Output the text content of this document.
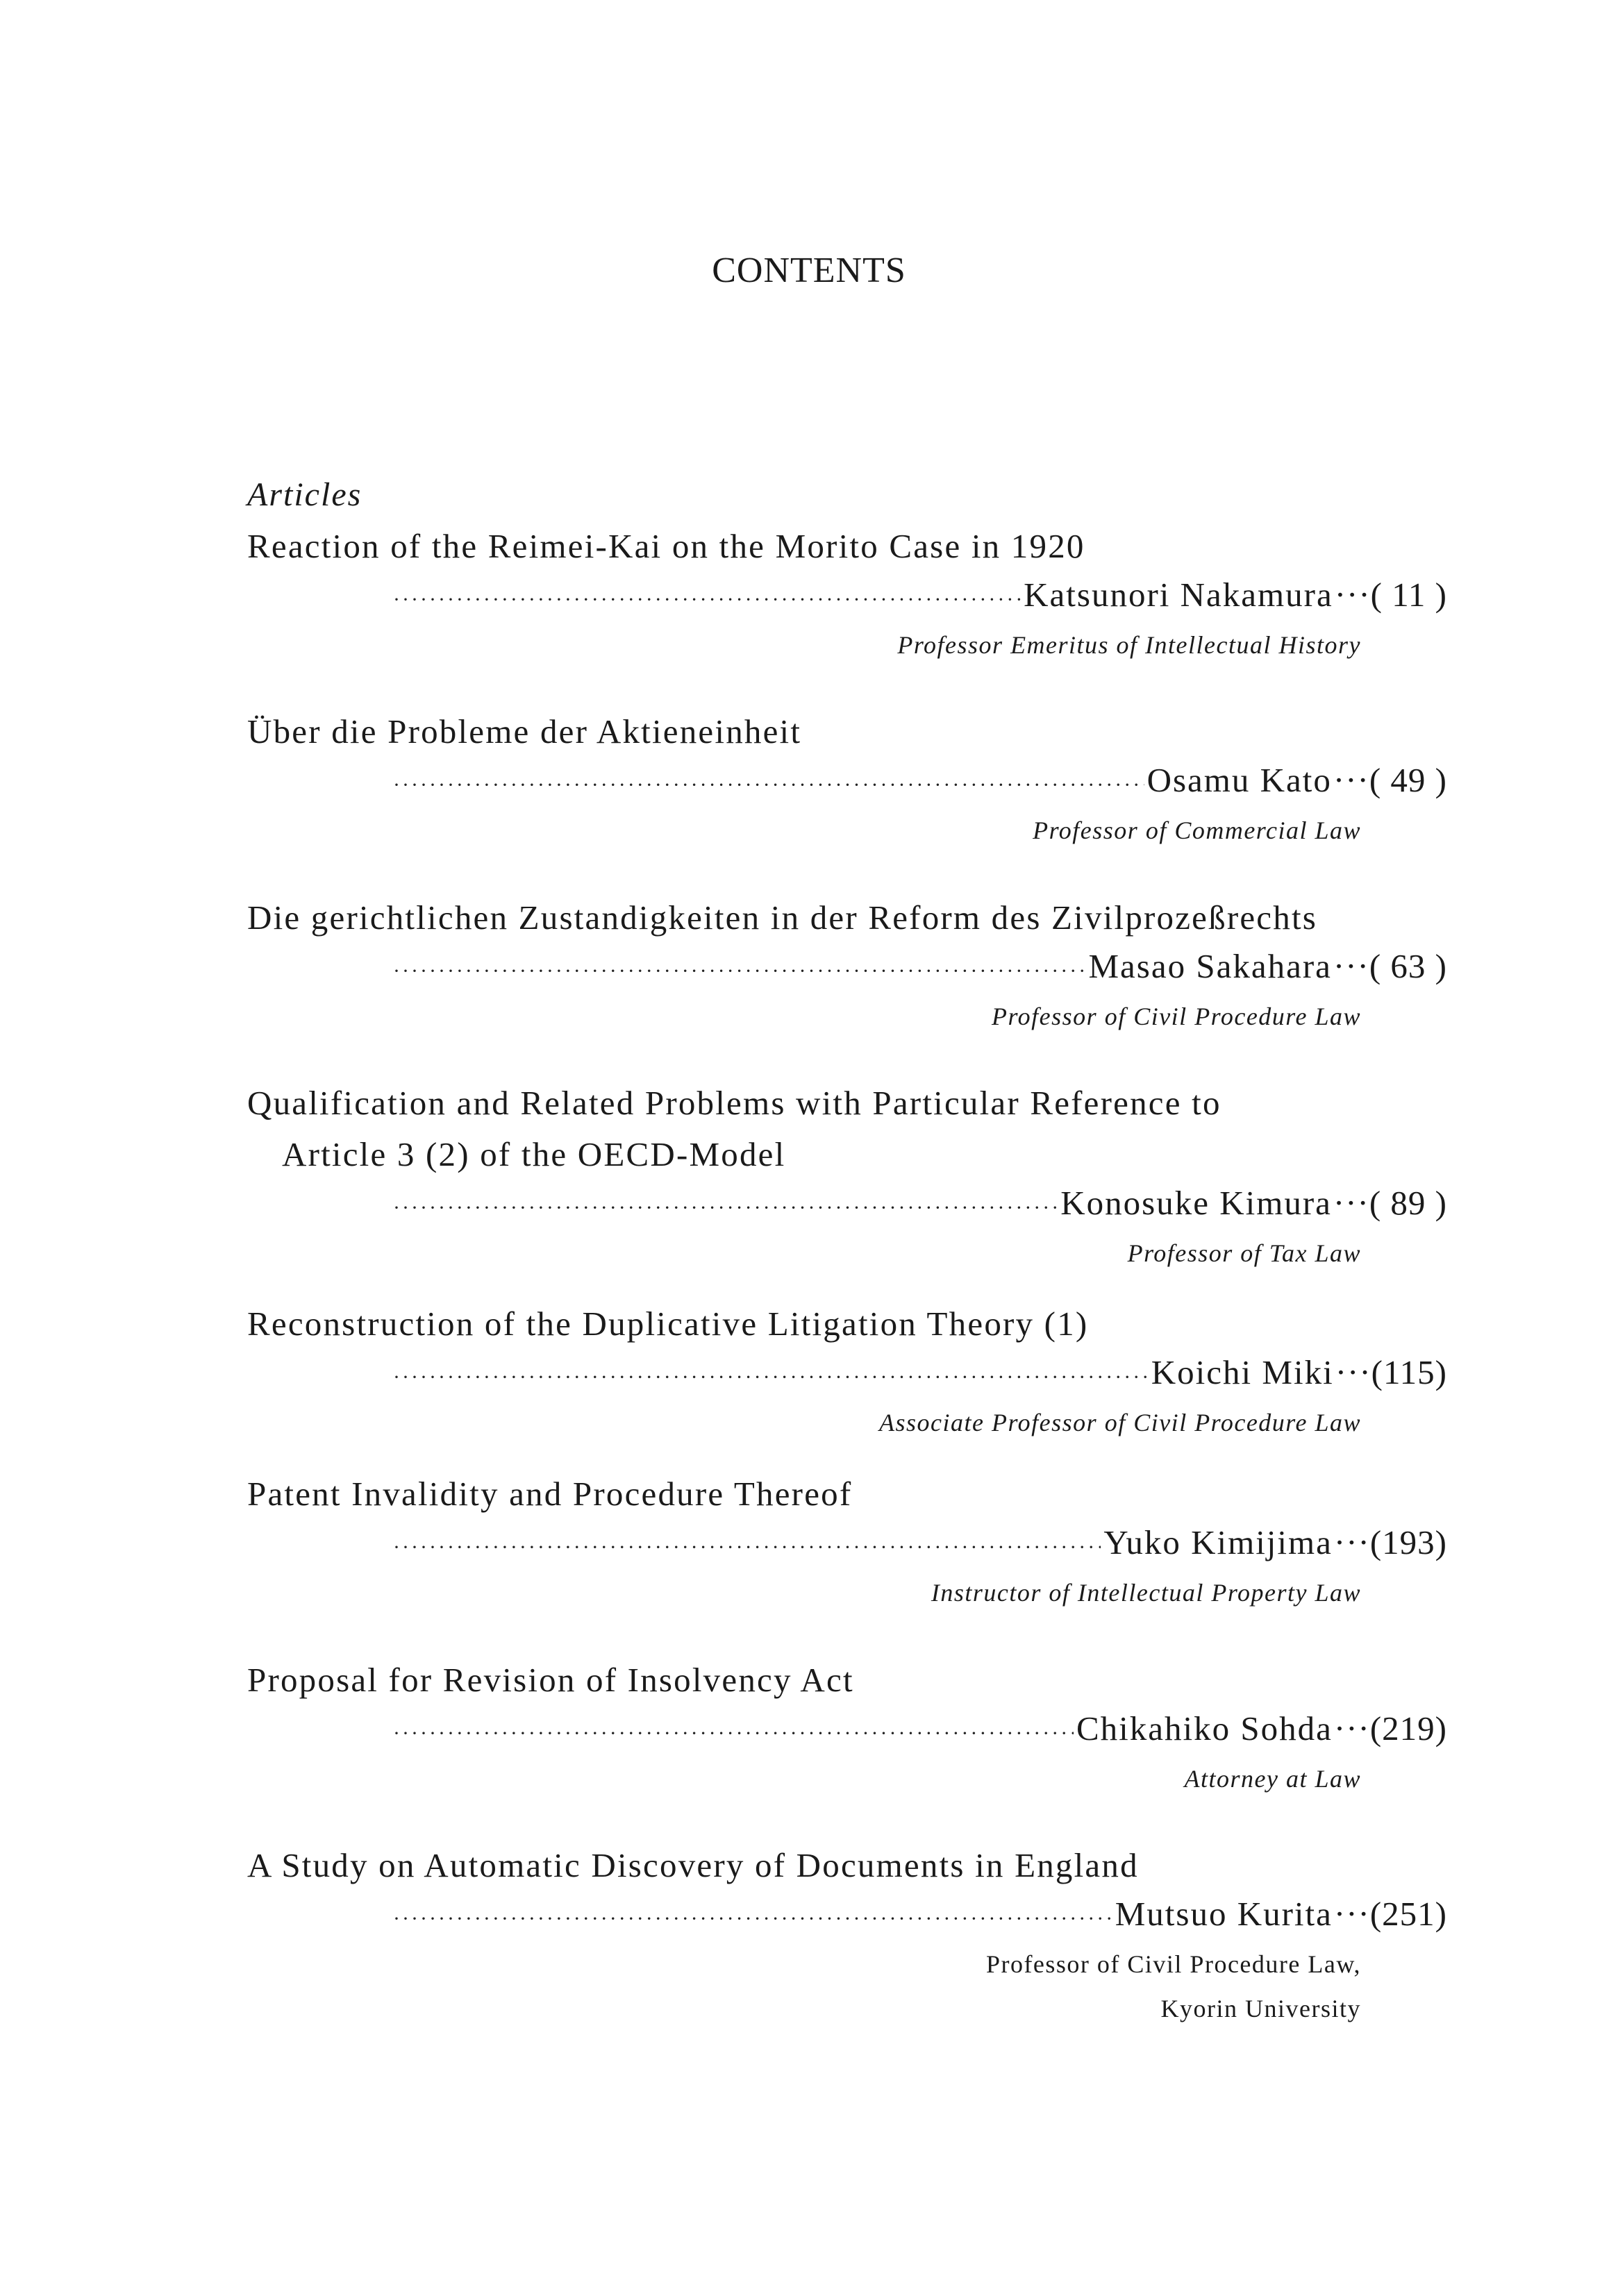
CONTENTS
Articles
Reaction of the Reimei-Kai on the Morito Case in 1920
·····
Katsunori Nakamura ···( 11 )
Professor Emeritus of Intellectual History
Über die Probleme der Aktieneinheit
·····
Osamu Kato ···( 49 )
Professor of Commercial Law
Die gerichtlichen Zustandigkeiten in der Reform des Zivilprozeßrechts
·····
Masao Sakahara ···( 63 )
Professor of Civil Procedure Law
Qualification and Related Problems with Particular Reference to
Article 3 (2) of the OECD-Model
·····
Konosuke Kimura ···( 89 )
Professor of Tax Law
Reconstruction of the Duplicative Litigation Theory (1)
·····
Koichi Miki ···(115)
Associate Professor of Civil Procedure Law
Patent Invalidity and Procedure Thereof
·····
Yuko Kimijima ···(193)
Instructor of Intellectual Property Law
Proposal for Revision of Insolvency Act
·····
Chikahiko Sohda ···(219)
Attorney at Law
A Study on Automatic Discovery of Documents in England
·····
Mutsuo Kurita ···(251)
Professor of Civil Procedure Law,
Kyorin University
